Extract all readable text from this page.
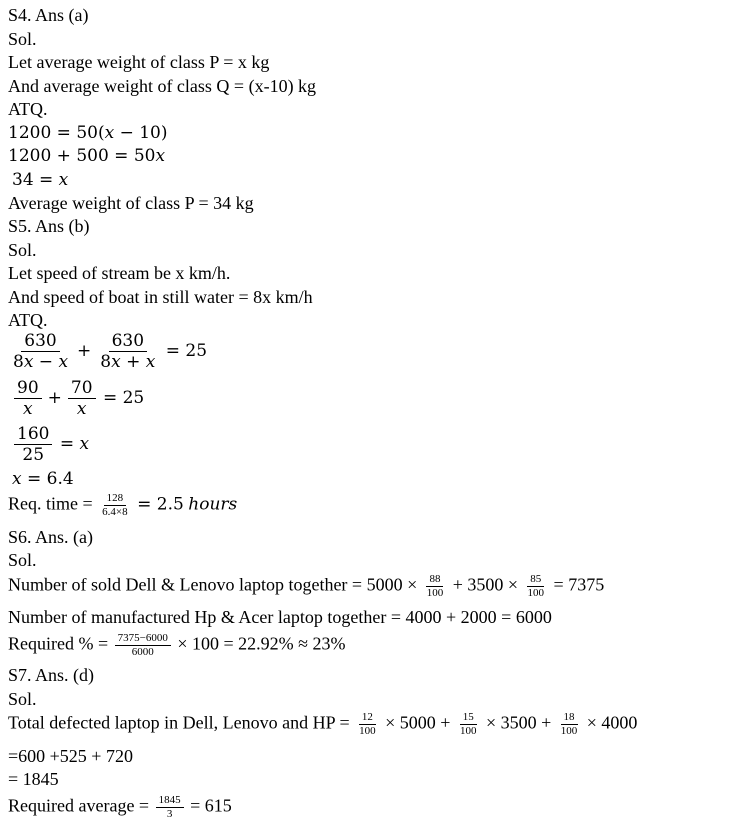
S4. Ans (a)
Sol.
Let average weight of class P = x kg
And average weight of class Q = (x-10) kg
ATQ.
1200 = 50(𝑥 − 10)
1200 + 500 = 50𝑥
34 = 𝑥
Average weight of class P = 34 kg
S5. Ans (b)
Sol.
Let speed of stream be x km/h.
And speed of boat in still water = 8x km/h
ATQ.
$\frac{630}{\text{8𝑥 − 𝑥}} + \frac{630}{\text{8𝑥 + 𝑥}} = 25$
$\frac{90}{\text{𝑥}} + \frac{70}{\text{𝑥}} = 25$
$\frac{160}{25}$ = 𝑥
𝑥 = 6.4
Req. time = $\frac{128}{6.4\times 8} = 2.5$ hours
S6. Ans. (a)
Sol.
Number of sold Dell & Lenovo laptop together = $5000 \times \frac{88}{100} + 3500 \times \frac{85}{100} = 7375$
Number of manufactured Hp & Acer laptop together = 4000 + 2000 = 6000
Required % = $\frac{7375-6000}{6000} \times 100 = 22.92\% \approx 23\%$
S7. Ans. (d)
Sol.
Total defected laptop in Dell, Lenovo and HP = $\frac{12}{100} \times 5000 + \frac{15}{100} \times 3500 + \frac{18}{100} \times 4000$
=600 +525 + 720
= 1845
Required average = $\frac{1845}{3} = 615$
